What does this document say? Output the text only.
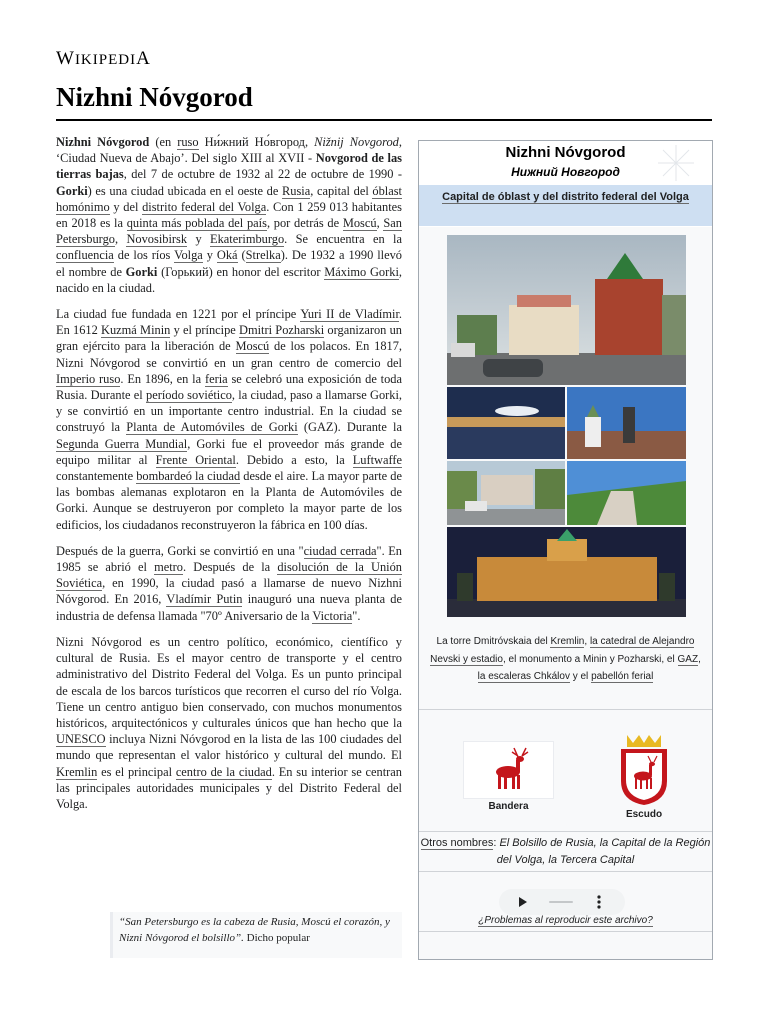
WIKIPEDIA
Nizhni Nóvgorod

Nizhni Nóvgorod (en ruso Ни́жний Но́вгород, Nižnij Novgorod, ‘Ciudad Nueva de Abajo’. Del siglo XIII al XVII - Novgorod de las tierras bajas, del 7 de octubre de 1932 al 22 de octubre de 1990 - Gorki) es una ciudad ubicada en el oeste de Rusia, capital del óblast homónimo y del distrito federal del Volga. Con 1 259 013 habitantes en 2018 es la quinta más poblada del país, por detrás de Moscú, San Petersburgo, Novosibirsk y Ekaterimburgo. Se encuentra en la confluencia de los ríos Volga y Oká (Strelka). De 1932 a 1990 llevó el nombre de Gorki (Горький) en honor del escritor Máximo Gorki, nacido en la ciudad.

La ciudad fue fundada en 1221 por el príncipe Yuri II de Vladímir. En 1612 Kuzmá Minin y el príncipe Dmitri Pozharski organizaron un gran ejército para la liberación de Moscú de los polacos. En 1817, Nizni Nóvgorod se convirtió en un gran centro de comercio del Imperio ruso. En 1896, en la feria se celebró una exposición de toda Rusia. Durante el período soviético, la ciudad, paso a llamarse Gorki, y se convirtió en un importante centro industrial. En la ciudad se construyó la Planta de Automóviles de Gorki (GAZ). Durante la Segunda Guerra Mundial, Gorki fue el proveedor más grande de equipo militar al Frente Oriental. Debido a esto, la Luftwaffe constantemente bombardeó la ciudad desde el aire. La mayor parte de las bombas alemanas explotaron en la Planta de Automóviles de Gorki. Aunque se destruyeron por completo la mayor parte de los edificios, los ciudadanos reconstruyeron la fábrica en 100 días.

Después de la guerra, Gorki se convirtió en una "ciudad cerrada". En 1985 se abrió el metro. Después de la disolución de la Unión Soviética, en 1990, la ciudad pasó a llamarse de nuevo Nizhni Nóvgorod. En 2016, Vladímir Putin inauguró una nueva planta de industria de defensa llamada "70º Aniversario de la Victoria".

Nizni Nóvgorod es un centro político, económico, científico y cultural de Rusia. Es el mayor centro de transporte y el centro administrativo del Distrito Federal del Volga. Es un punto principal de escala de los barcos turísticos que recorren el curso del río Volga. Tiene un centro antiguo bien conservado, con muchos monumentos históricos, arquitectónicos y culturales únicos que han hecho que la UNESCO incluya Nizni Nóvgorod en la lista de las 100 ciudades del mundo que representan el valor histórico y cultural del mundo. El Kremlin es el principal centro de la ciudad. En su interior se centran las principales autoridades municipales y del Distrito Federal del Volga.

“San Petersburgo es la cabeza de Rusia, Moscú el corazón, y Nizni Nóvgorod el bolsillo”. Dicho popular
Nizhni Nóvgorod
Нижний Новгород
Capital de óblast y del distrito federal del Volga
La torre Dmitróvskaia del Kremlin, la catedral de Alejandro Nevski y estadio, el monumento a Minin y Pozharski, el GAZ, la escaleras Chkálov y el pabellón ferial
Bandera
Escudo
Otros nombres: El Bolsillo de Rusia, la Capital de la Región del Volga, la Tercera Capital
¿Problemas al reproducir este archivo?
